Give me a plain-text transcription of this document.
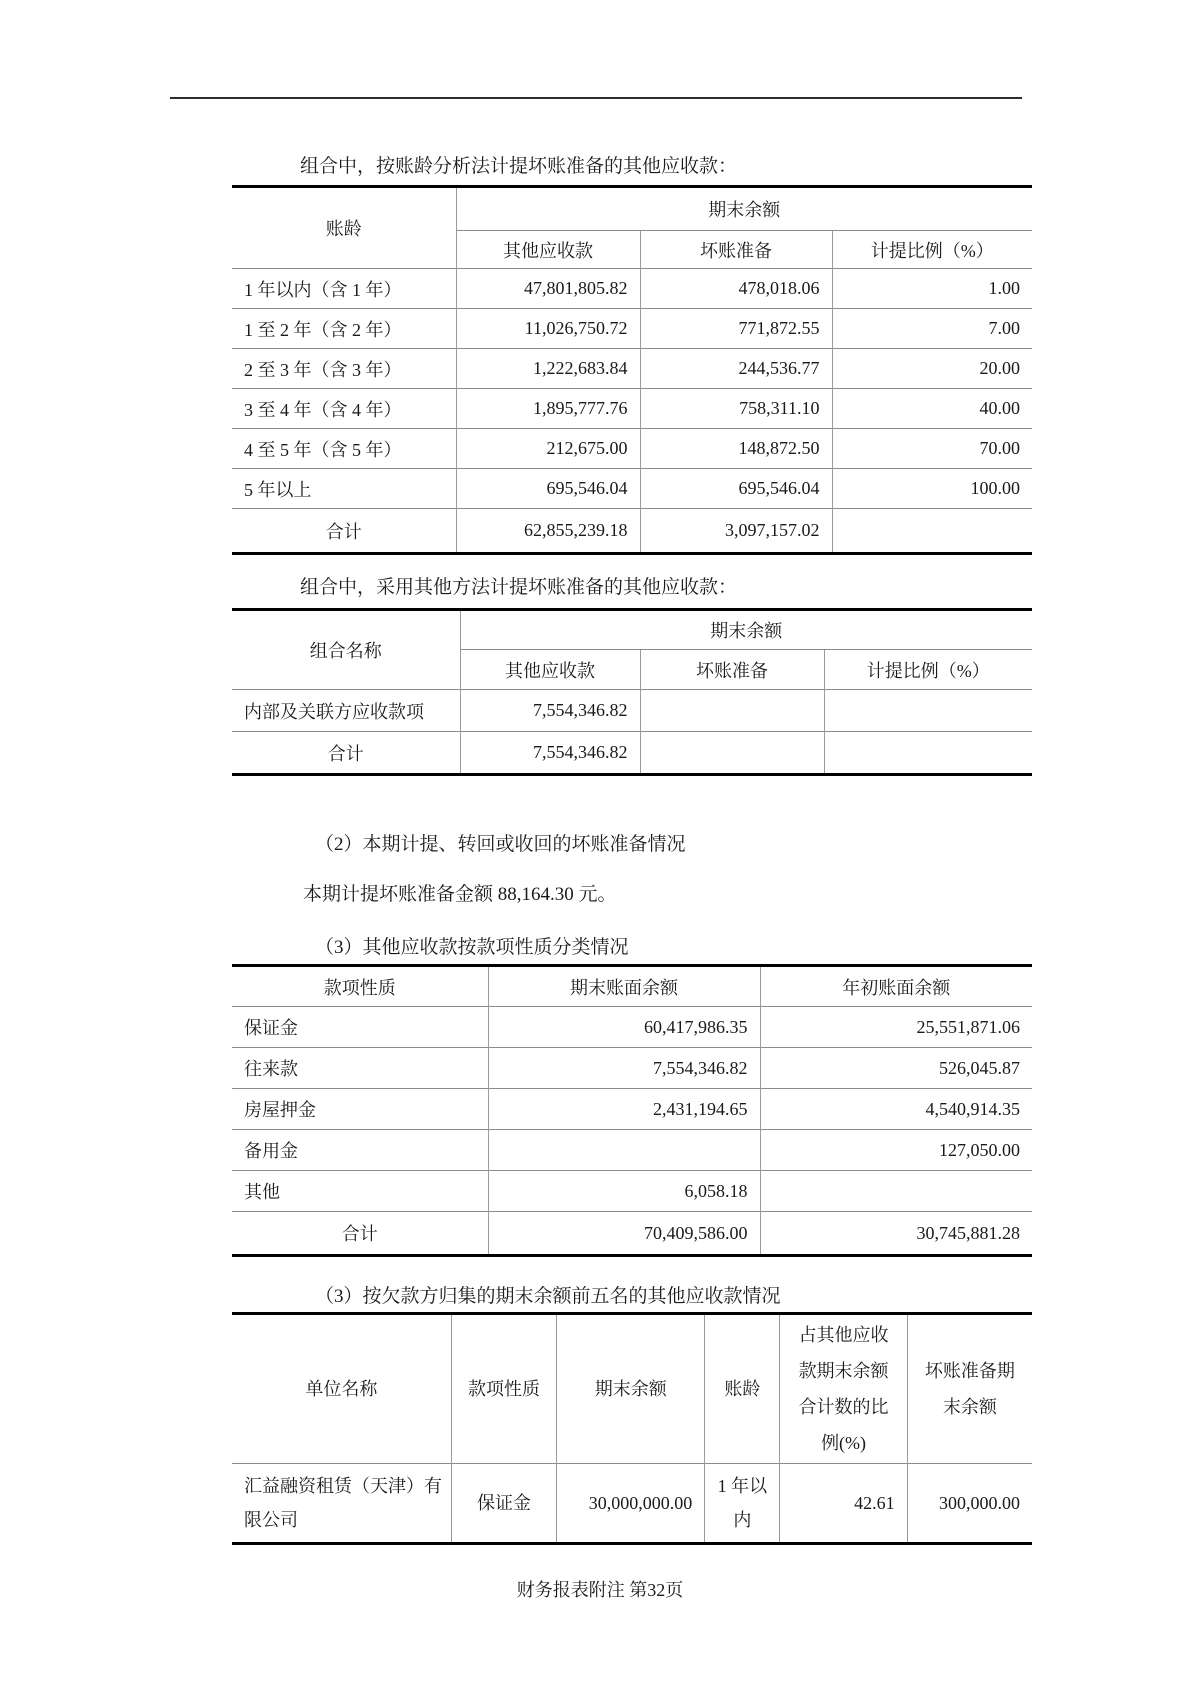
组合中，按账龄分析法计提坏账准备的其他应收款：
账龄	期末余额		
	其他应收款	坏账准备	计提比例（%）
1 年以内（含 1 年）	47,801,805.82	478,018.06	1.00
1 至 2 年（含 2 年）	11,026,750.72	771,872.55	7.00
2 至 3 年（含 3 年）	1,222,683.84	244,536.77	20.00
3 至 4 年（含 4 年）	1,895,777.76	758,311.10	40.00
4 至 5 年（含 5 年）	212,675.00	148,872.50	70.00
5 年以上	695,546.04	695,546.04	100.00
合计	62,855,239.18	3,097,157.02	
组合中，采用其他方法计提坏账准备的其他应收款：
组合名称	期末余额		
	其他应收款	坏账准备	计提比例（%）
内部及关联方应收款项	7,554,346.82		
合计	7,554,346.82		
（2）本期计提、转回或收回的坏账准备情况
本期计提坏账准备金额 88,164.30 元。
（3）其他应收款按款项性质分类情况
款项性质	期末账面余额	年初账面余额
保证金	60,417,986.35	25,551,871.06
往来款	7,554,346.82	526,045.87
房屋押金	2,431,194.65	4,540,914.35
备用金		127,050.00
其他	6,058.18	
合计	70,409,586.00	30,745,881.28
（3）按欠款方归集的期末余额前五名的其他应收款情况
单位名称	款项性质	期末余额	账龄	占其他应收款期末余额合计数的比例(%)	坏账准备期末余额
汇益融资租赁（天津）有限公司	保证金	30,000,000.00	1 年以内	42.61	300,000.00
财务报表附注 第32页
